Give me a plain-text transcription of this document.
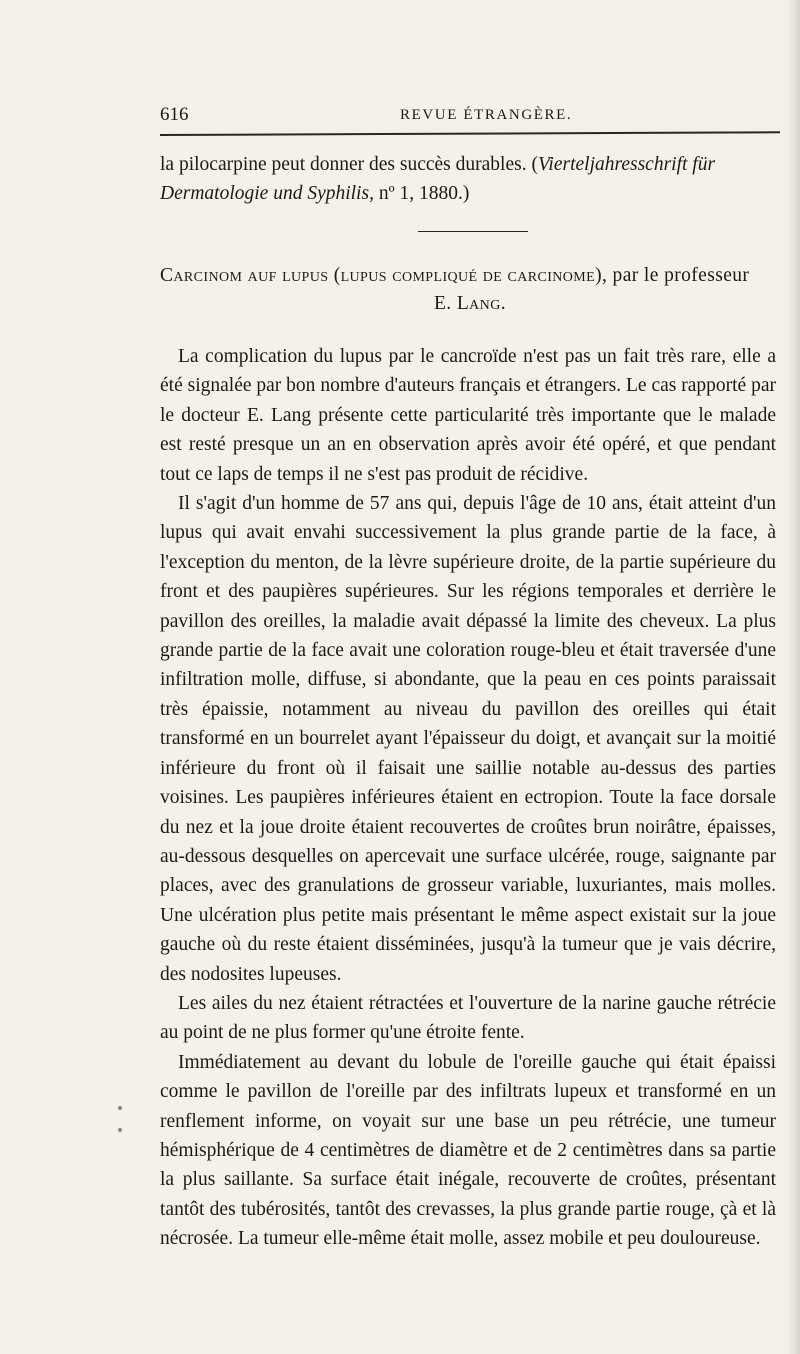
616	REVUE ÉTRANGÈRE.
la pilocarpine peut donner des succès durables. (Vierteljahresschrift für Dermatologie und Syphilis, nº 1, 1880.)
Carcinom auf lupus (lupus compliqué de carcinome), par le professeur
E. Lang.

La complication du lupus par le cancroïde n'est pas un fait très rare, elle a été signalée par bon nombre d'auteurs français et étrangers. Le cas rapporté par le docteur E. Lang présente cette particularité très importante que le malade est resté presque un an en observation après avoir été opéré, et que pendant tout ce laps de temps il ne s'est pas produit de récidive.

Il s'agit d'un homme de 57 ans qui, depuis l'âge de 10 ans, était atteint d'un lupus qui avait envahi successivement la plus grande partie de la face, à l'exception du menton, de la lèvre supérieure droite, de la partie supérieure du front et des paupières supérieures. Sur les régions temporales et derrière le pavillon des oreilles, la maladie avait dépassé la limite des cheveux. La plus grande partie de la face avait une coloration rouge-bleu et était traversée d'une infiltration molle, diffuse, si abondante, que la peau en ces points paraissait très épaissie, notamment au niveau du pavillon des oreilles qui était transformé en un bourrelet ayant l'épaisseur du doigt, et avançait sur la moitié inférieure du front où il faisait une saillie notable au-dessus des parties voisines. Les paupières inférieures étaient en ectropion. Toute la face dorsale du nez et la joue droite étaient recouvertes de croûtes brun noirâtre, épaisses, au-dessous desquelles on apercevait une surface ulcérée, rouge, saignante par places, avec des granulations de grosseur variable, luxuriantes, mais molles. Une ulcération plus petite mais présentant le même aspect existait sur la joue gauche où du reste étaient disséminées, jusqu'à la tumeur que je vais décrire, des nodosites lupeuses.

Les ailes du nez étaient rétractées et l'ouverture de la narine gauche rétrécie au point de ne plus former qu'une étroite fente.

Immédiatement au devant du lobule de l'oreille gauche qui était épaissi comme le pavillon de l'oreille par des infiltrats lupeux et transformé en un renflement informe, on voyait sur une base un peu rétrécie, une tumeur hémisphérique de 4 centimètres de diamètre et de 2 centimètres dans sa partie la plus saillante. Sa surface était inégale, recouverte de croûtes, présentant tantôt des tubérosités, tantôt des crevasses, la plus grande partie rouge, çà et là nécrosée. La tumeur elle-même était molle, assez mobile et peu douloureuse.
